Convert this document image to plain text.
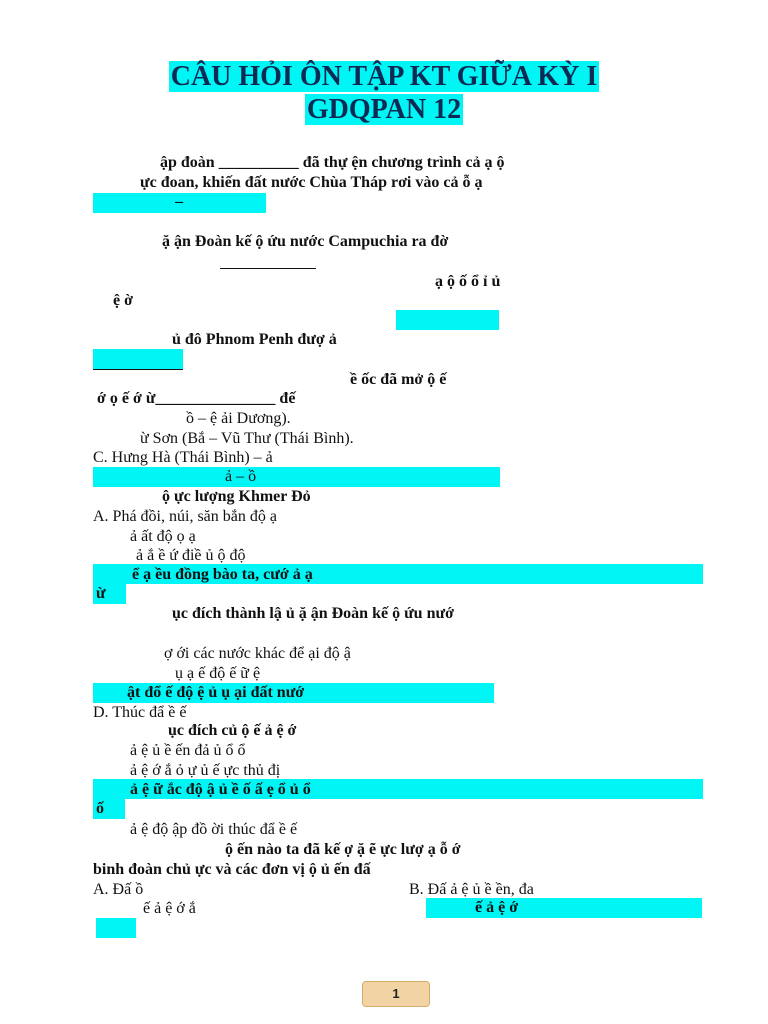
CÂU HỎI ÔN TẬP KT GIỮA KỲ I
GDQPAN 12
ập đoàn __________ đã thự ện chương trình cả ạ ộ
ực đoan, khiến đất nước Chùa Tháp rơi vào cả ỗ ạ
–
ặ ận Đoàn kế ộ ứu nước Campuchia ra đờ
ạ ộ ố ổ ỉ ủ
ệ ờ
ủ đô Phnom Penh đượ ả
ề ốc đã mở ộ ế
ớ ọ ế ớ ừ_______________ đế
ồ – ệ ải Dương).
ừ Sơn (Bắ – Vũ Thư (Thái Bình).
C. Hưng Hà (Thái Bình) – ả
ả – ồ
ộ ực lượng Khmer Đỏ
A. Phá đồi, núi, săn bắn độ ạ
ả ất độ ọ ạ
ả ắ ề ứ điề ủ ộ độ
ể ạ ều đồng bào ta, cướ ả ạ
ừ
ục đích thành lậ ủ ặ ận Đoàn kế ộ ứu nướ
ợ ới các nước khác để ại độ ậ
ụ ạ ế độ ế ữ ệ
ật đổ ế độ ệ ủ ụ ại đất nướ
D. Thúc đẩ ề ế
ục đích củ ộ ế ả ệ ớ
ả ệ ủ ề ến đả ủ ổ ổ
ả ệ ớ ắ ỏ ự ủ ế ực thủ đị
ả ệ ữ ắc độ ậ ủ ề ố ấ ẹ ổ ủ ổ
ố
ả ệ độ ập đồ ời thúc đẩ ề ế
ộ ến nào ta đã kế ợ ặ ẽ ực lượ ạ ỗ ớ
binh đoàn chủ ực và các đơn vị ộ ủ ến đấ
A. Đấ ồ	B. Đấ ả ệ ủ ề ền, đa
ế ả ệ ớ ắ	ế ả ệ ớ
1
